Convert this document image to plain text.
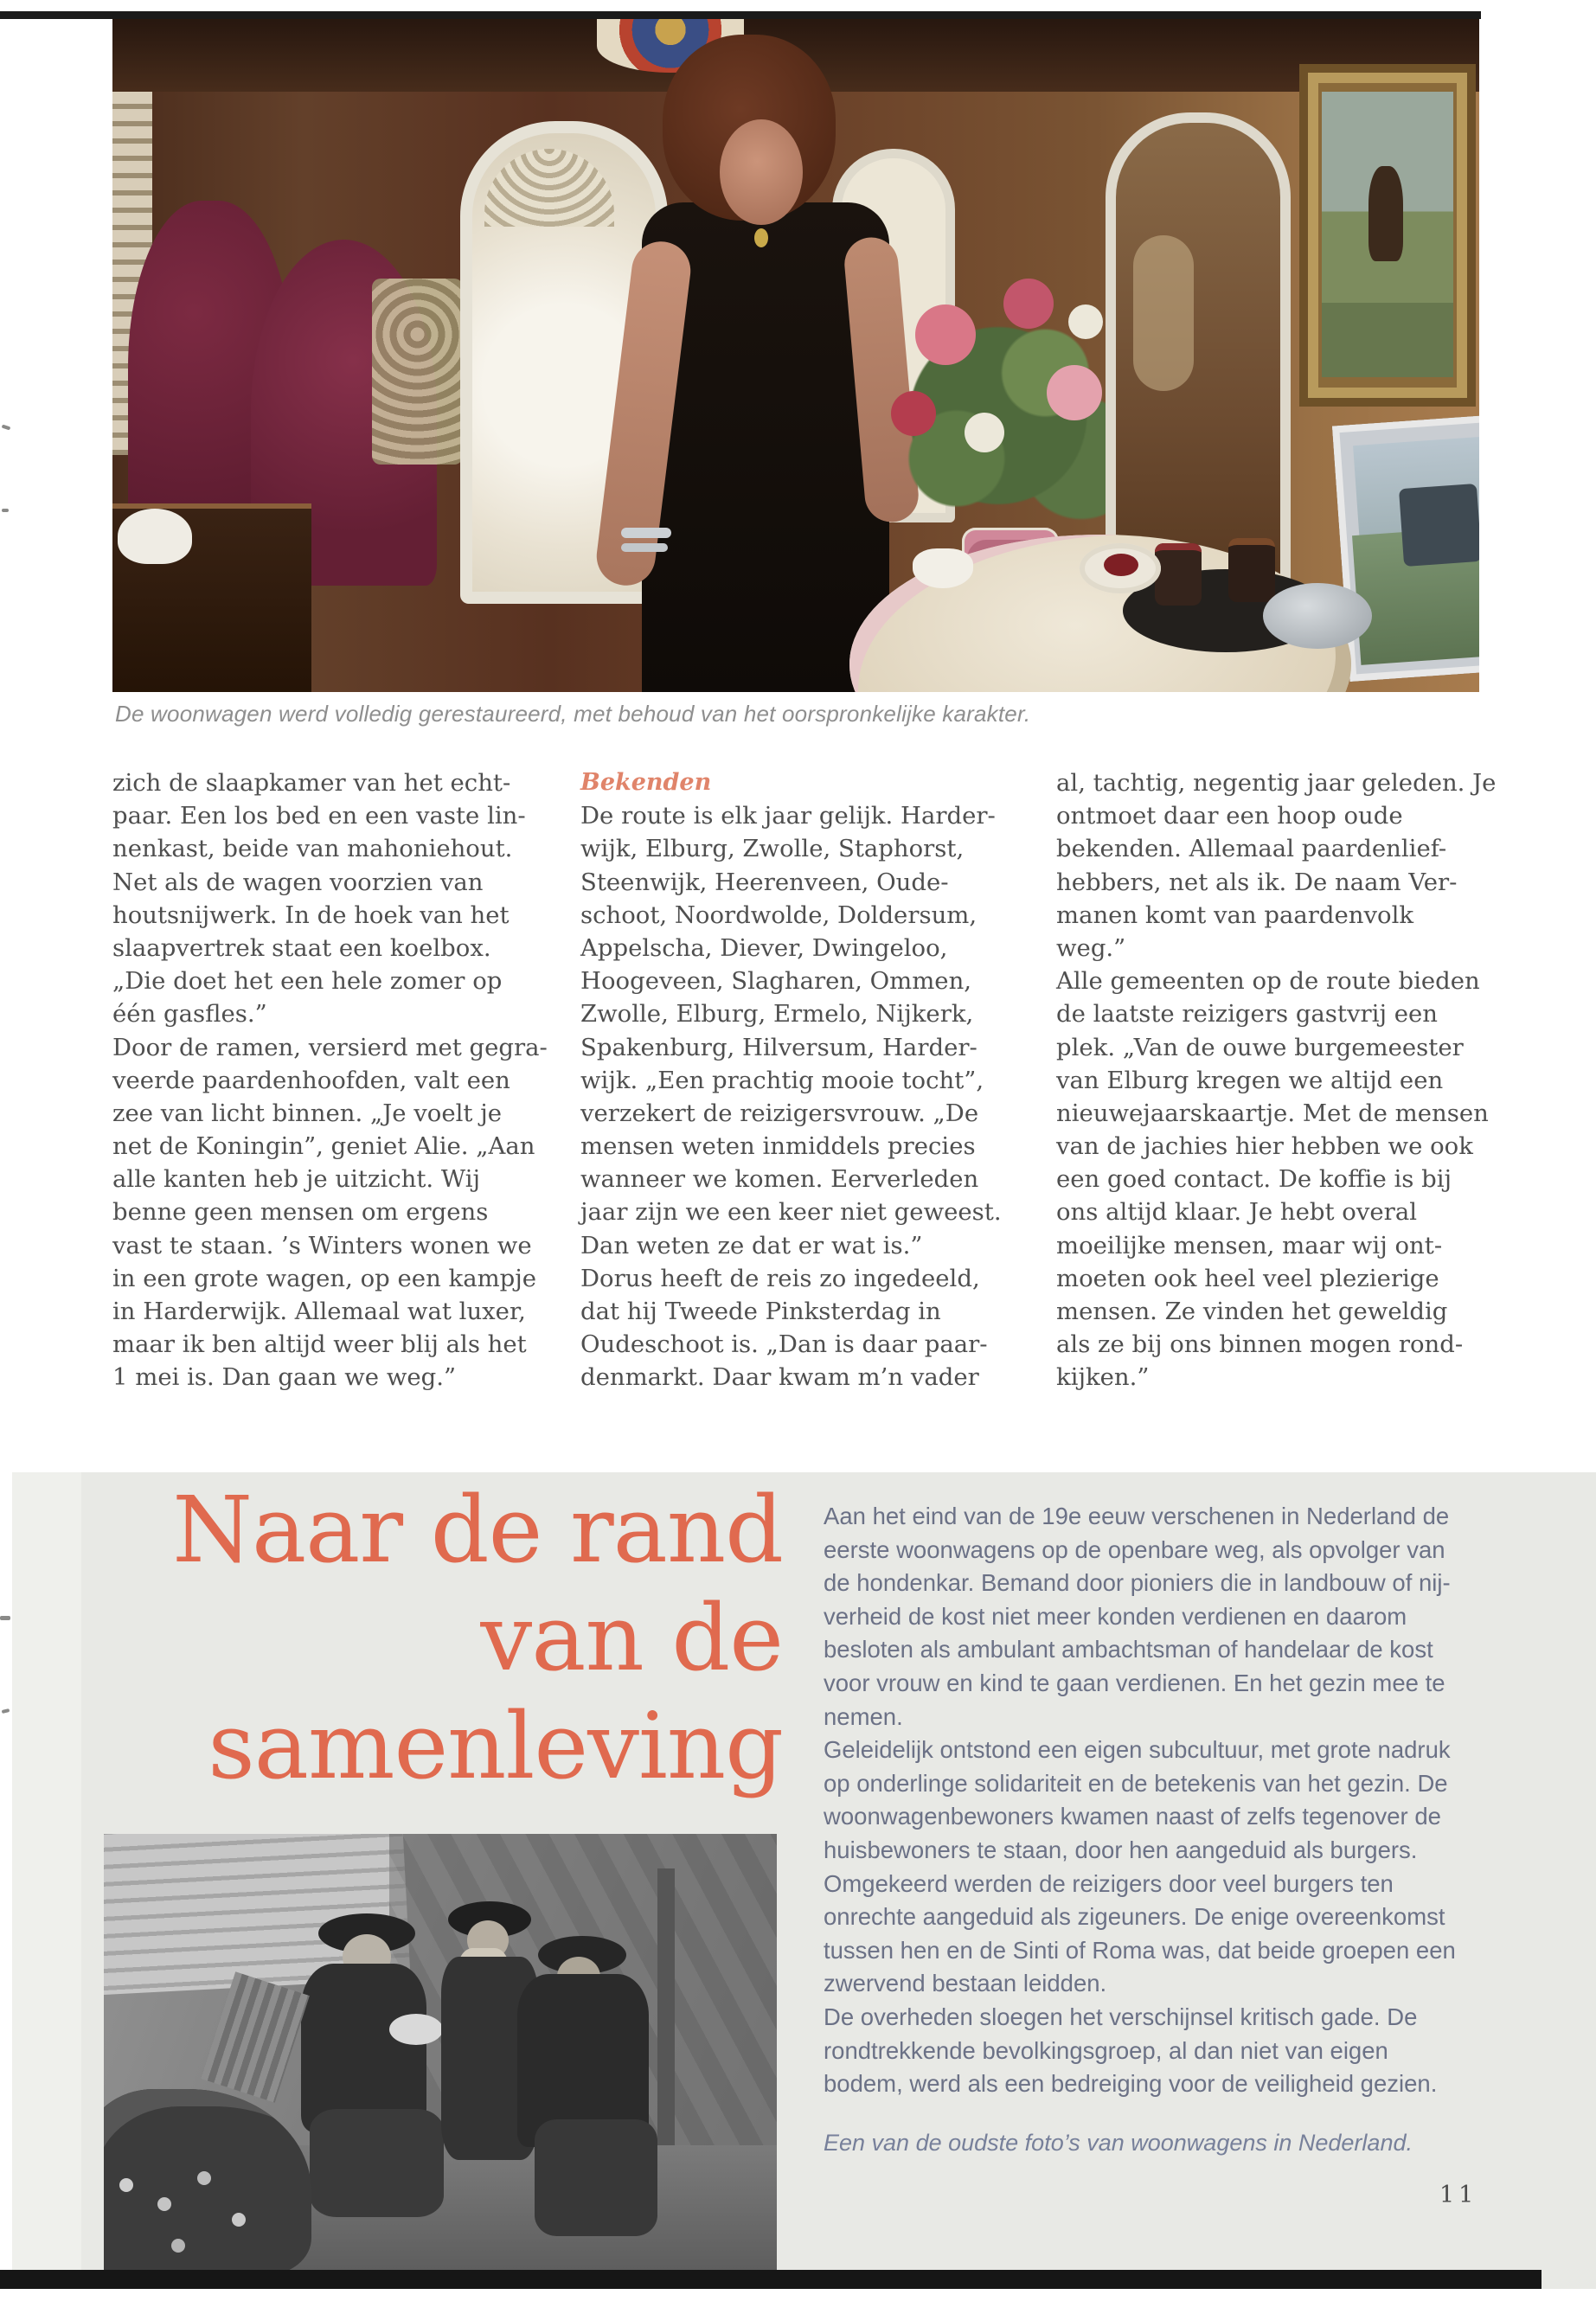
De woonwagen werd volledig gerestaureerd, met behoud van het oorspronkelijke karakter.
zich de slaapkamer van het echt-
paar. Een los bed en een vaste lin-
nenkast, beide van mahoniehout.
Net als de wagen voorzien van
houtsnijwerk. In de hoek van het
slaapvertrek staat een koelbox.
„Die doet het een hele zomer op
één gasfles.”
Door de ramen, versierd met gegra-
veerde paardenhoofden, valt een
zee van licht binnen. „Je voelt je
net de Koningin”, geniet Alie. „Aan
alle kanten heb je uitzicht. Wij
benne geen mensen om ergens
vast te staan. ’s Winters wonen we
in een grote wagen, op een kampje
in Harderwijk. Allemaal wat luxer,
maar ik ben altijd weer blij als het
1 mei is. Dan gaan we weg.”
Bekenden
De route is elk jaar gelijk. Harder-
wijk, Elburg, Zwolle, Staphorst,
Steenwijk, Heerenveen, Oude-
schoot, Noordwolde, Doldersum,
Appelscha, Diever, Dwingeloo,
Hoogeveen, Slagharen, Ommen,
Zwolle, Elburg, Ermelo, Nijkerk,
Spakenburg, Hilversum, Harder-
wijk. „Een prachtig mooie tocht”,
verzekert de reizigersvrouw. „De
mensen weten inmiddels precies
wanneer we komen. Eerverleden
jaar zijn we een keer niet geweest.
Dan weten ze dat er wat is.”
Dorus heeft de reis zo ingedeeld,
dat hij Tweede Pinksterdag in
Oudeschoot is. „Dan is daar paar-
denmarkt. Daar kwam m’n vader
al, tachtig, negentig jaar geleden. Je
ontmoet daar een hoop oude
bekenden. Allemaal paardenlief-
hebbers, net als ik. De naam Ver-
manen komt van paardenvolk
weg.”
Alle gemeenten op de route bieden
de laatste reizigers gastvrij een
plek. „Van de ouwe burgemeester
van Elburg kregen we altijd een
nieuwejaarskaartje. Met de mensen
van de jachies hier hebben we ook
een goed contact. De koffie is bij
ons altijd klaar. Je hebt overal
moeilijke mensen, maar wij ont-
moeten ook heel veel plezierige
mensen. Ze vinden het geweldig
als ze bij ons binnen mogen rond-
kijken.”
Naar de rand
van de
samenleving
Aan het eind van de 19e eeuw verschenen in Nederland de
eerste woonwagens op de openbare weg, als opvolger van
de hondenkar. Bemand door pioniers die in landbouw of nij-
verheid de kost niet meer konden verdienen en daarom
besloten als ambulant ambachtsman of handelaar de kost
voor vrouw en kind te gaan verdienen. En het gezin mee te
nemen.
Geleidelijk ontstond een eigen subcultuur, met grote nadruk
op onderlinge solidariteit en de betekenis van het gezin. De
woonwagenbewoners kwamen naast of zelfs tegenover de
huisbewoners te staan, door hen aangeduid als burgers.
Omgekeerd werden de reizigers door veel burgers ten
onrechte aangeduid als zigeuners. De enige overeenkomst
tussen hen en de Sinti of Roma was, dat beide groepen een
zwervend bestaan leidden.
De overheden sloegen het verschijnsel kritisch gade. De
rondtrekkende bevolkingsgroep, al dan niet van eigen
bodem, werd als een bedreiging voor de veiligheid gezien.
Een van de oudste foto’s van woonwagens in Nederland.
11
